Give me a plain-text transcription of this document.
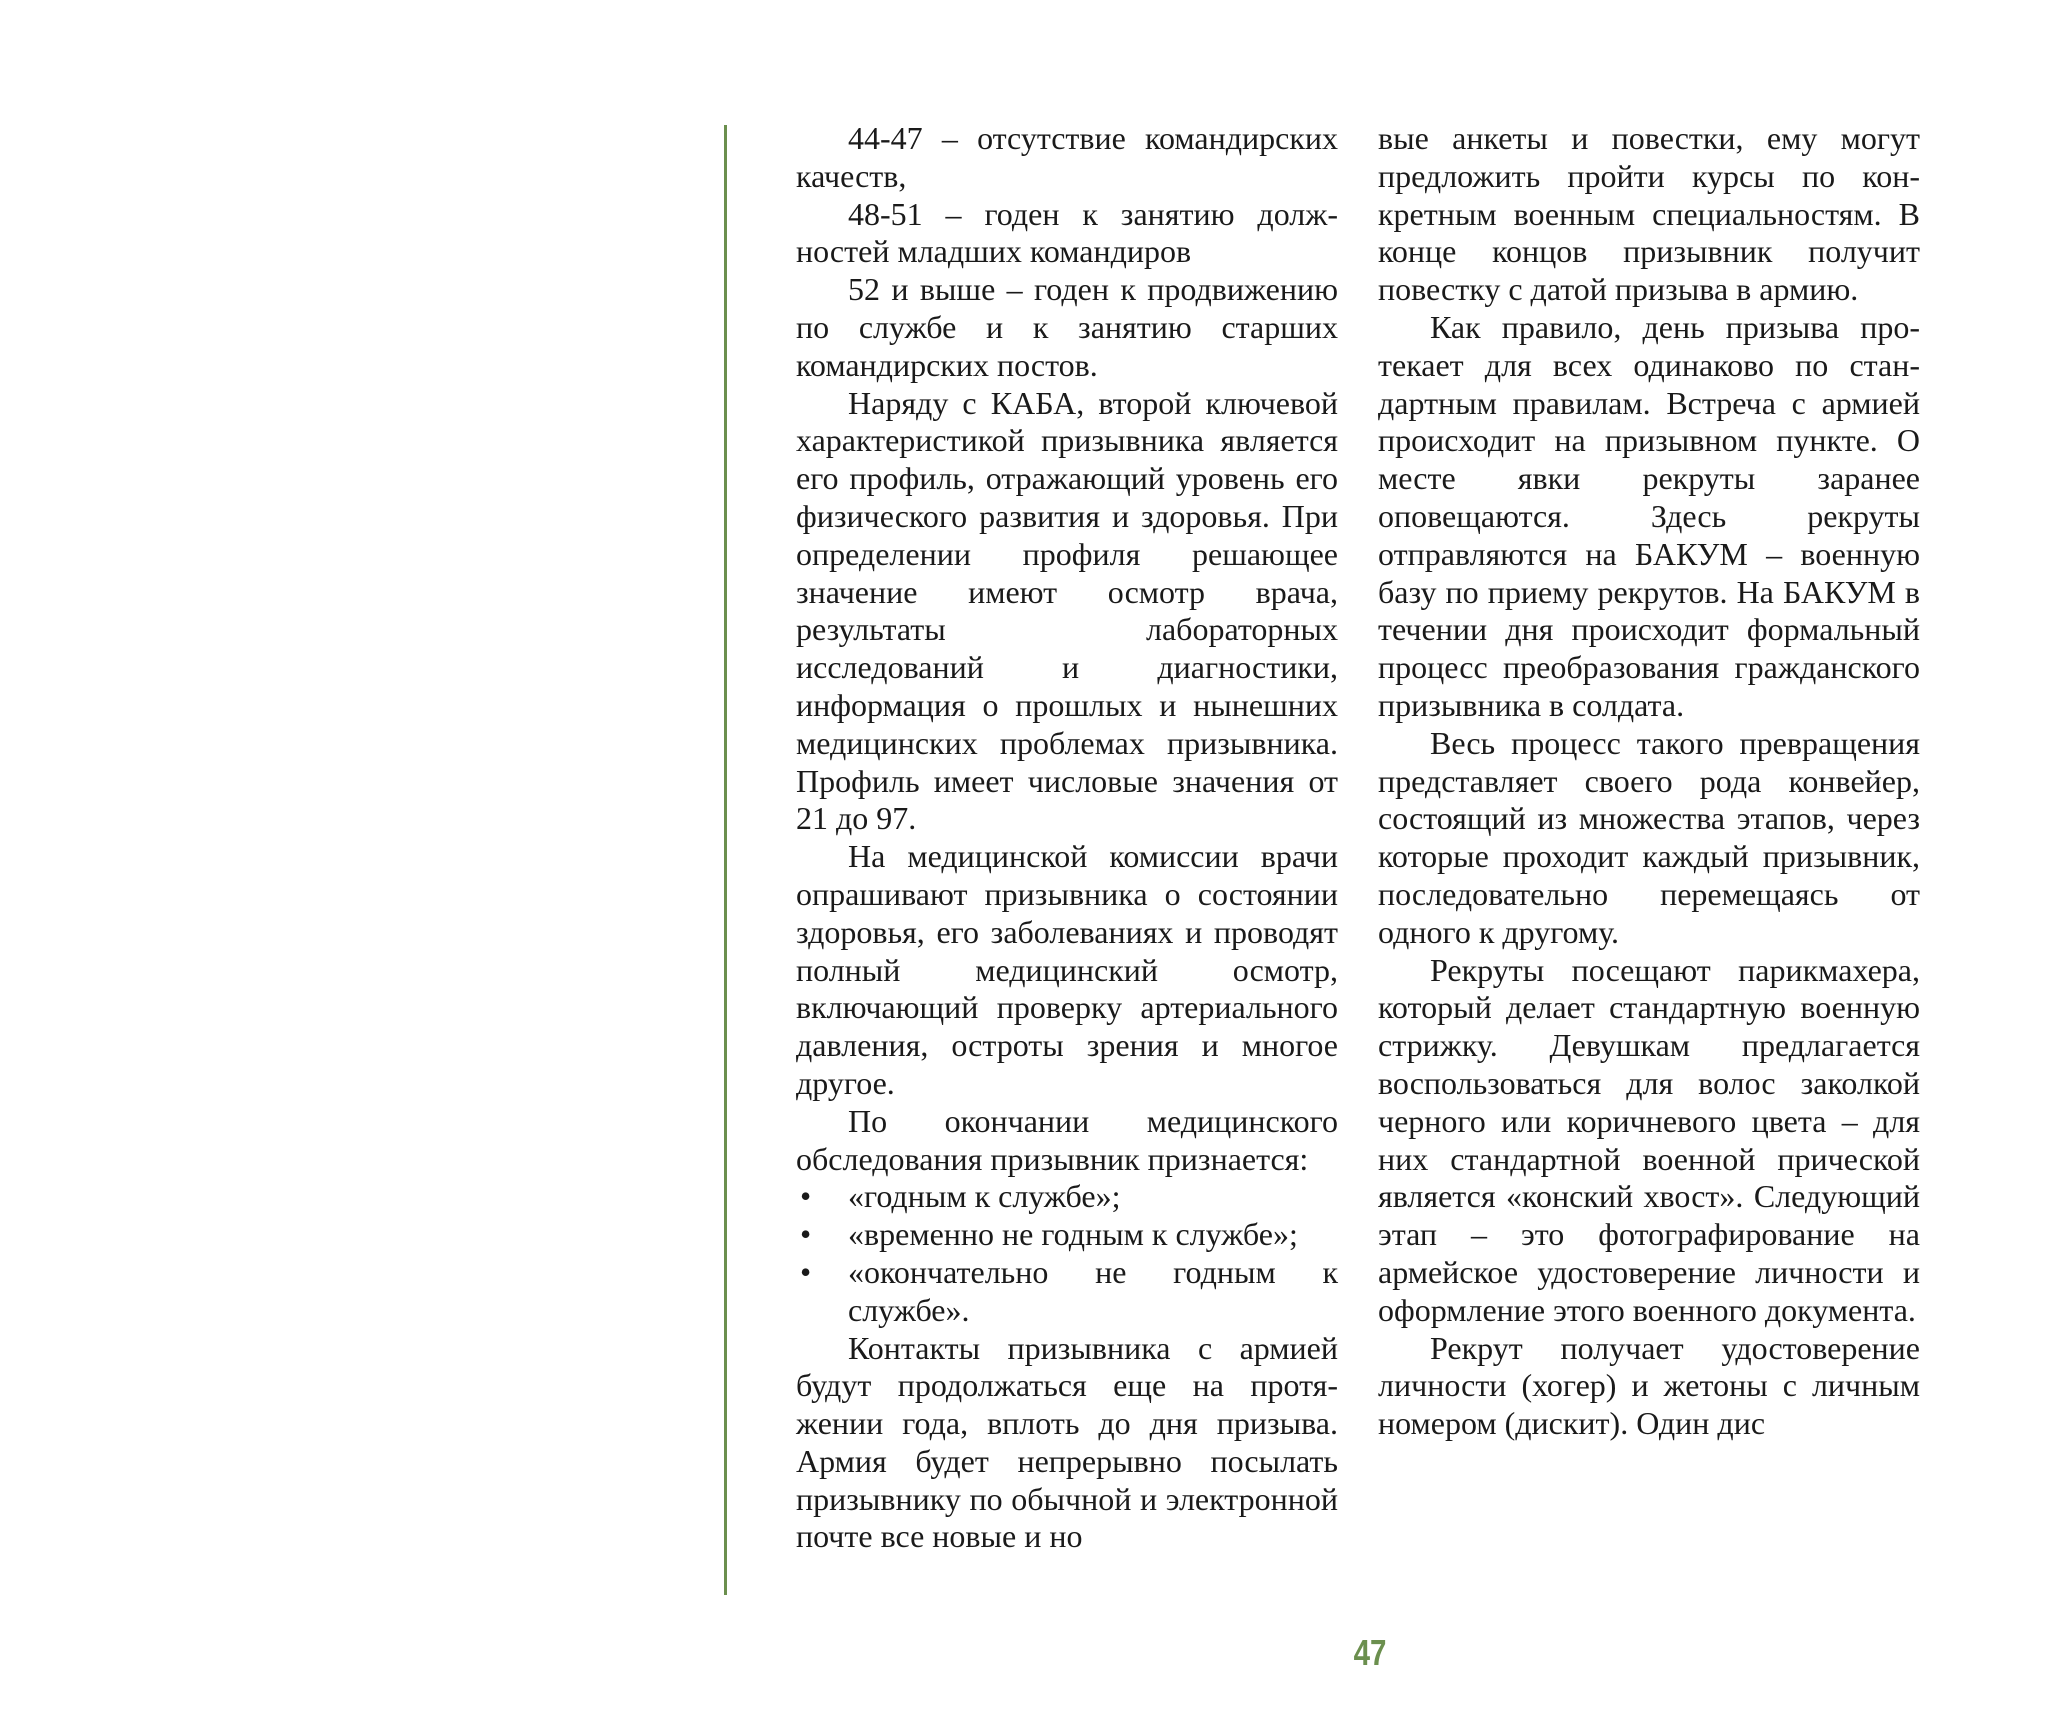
44-47 – отсутствие командирских качеств,

48-51 – годен к занятию должностей младших командиров

52 и выше – годен к продвижению по службе и к занятию старших командирских постов.

Наряду с КАБА, второй ключевой характеристикой призывника является его профиль, отражающий уровень его физического развития и здоровья. При определении профиля решающее значение имеют осмотр врача, результаты лабораторных исследований и диагностики, информация о прошлых и нынешних медицинских проблемах призывника. Профиль имеет числовые значения от 21 до 97.

На медицинской комиссии врачи опрашивают призывника о состоянии здоровья, его заболеваниях и проводят полный медицинский осмотр, включающий проверку артериального давления, остроты зрения и многое другое.

По окончании медицинского обследования призывник признается:

• «годным к службе»;
• «временно не годным к службе»;
• «окончательно не годным к службе».

Контакты призывника с армией будут продолжаться еще на протяжении года, вплоть до дня призыва. Армия будет непрерывно посылать призывнику по обычной и электронной почте все новые и но

вые анкеты и повестки, ему могут предложить пройти курсы по конкретным военным специальностям. В конце концов призывник получит повестку с датой призыва в армию.

Как правило, день призыва протекает для всех одинаково по стандартным правилам. Встреча с армией происходит на призывном пункте. О месте явки рекруты заранее оповещаются. Здесь рекруты отправляются на БАКУМ – военную базу по приему рекрутов. На БАКУМ в течении дня происходит формальный процесс преобразования гражданского призывника в солдата.

Весь процесс такого превращения представляет своего рода конвейер, состоящий из множества этапов, через которые проходит каждый призывник, последовательно перемещаясь от одного к другому.

Рекруты посещают парикмахера, который делает стандартную военную стрижку. Девушкам предлагается воспользоваться для волос заколкой черного или коричневого цвета – для них стандартной военной прической является «конский хвост». Следующий этап – это фотографирование на армейское удостоверение личности и оформление этого военного документа.

Рекрут получает удостоверение личности (хогер) и жетоны с личным номером (дискит). Один дис

47
